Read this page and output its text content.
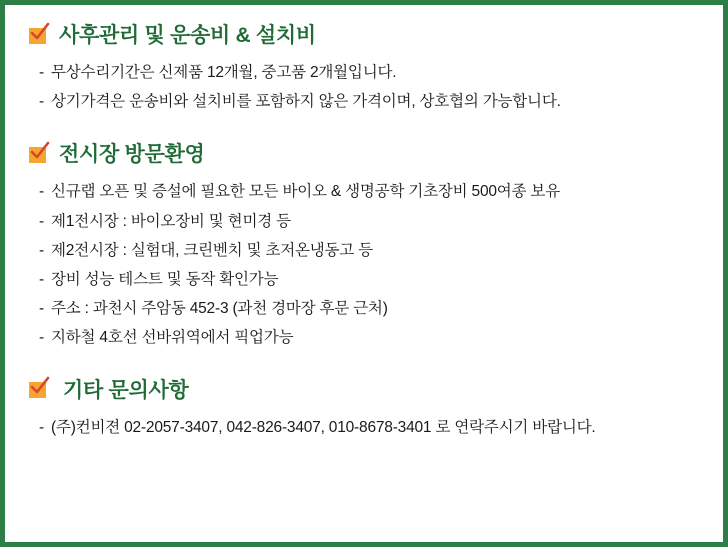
사후관리 및 운송비 & 설치비
- 무상수리기간은 신제품 12개월, 중고품 2개월입니다.
- 상기가격은 운송비와 설치비를 포함하지 않은 가격이며, 상호협의 가능합니다.
전시장 방문환영
- 신규랩 오픈 및 증설에 필요한 모든 바이오 & 생명공학 기초장비 500여종 보유
- 제1전시장 : 바이오장비 및 현미경 등
- 제2전시장 : 실험대, 크린벤치 및 초저온냉동고 등
- 장비 성능 테스트 및 동작 확인가능
- 주소 : 과천시 주암동 452-3 (과천 경마장 후문 근처)
- 지하철 4호선 선바위역에서 픽업가능
기타 문의사항
- (주)컨비젼 02-2057-3407, 042-826-3407, 010-8678-3401 로 연락주시기 바랍니다.
